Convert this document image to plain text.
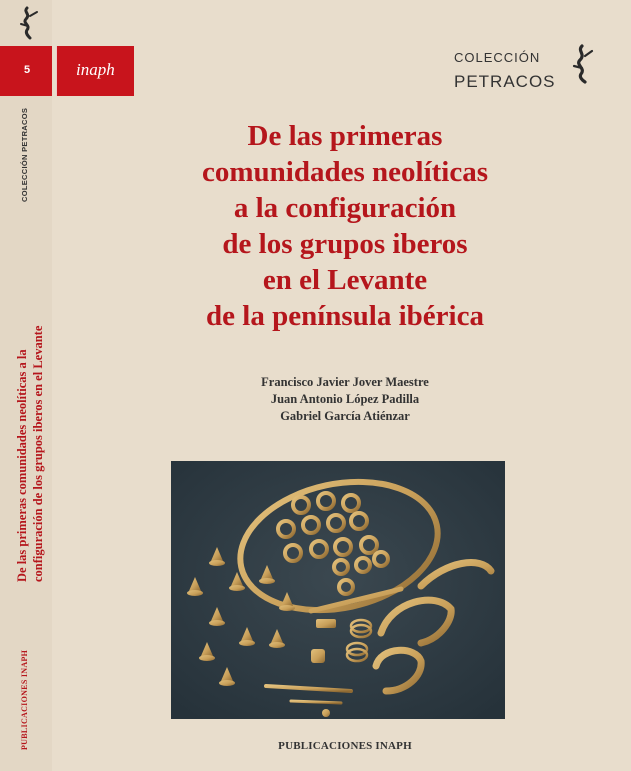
5
COLECCIÓN PETRACOS
De las primeras comunidades neolíticas a la configuración de los grupos iberos en el Levante
PUBLICACIONES INAPH
inaph
COLECCIÓN
PETRACOS
De las primeras
comunidades neolíticas
a la configuración
de los grupos iberos
en el Levante
de la península ibérica
Francisco Javier Jover Maestre
Juan Antonio López Padilla
Gabriel García Atiénzar
PUBLICACIONES INAPH
